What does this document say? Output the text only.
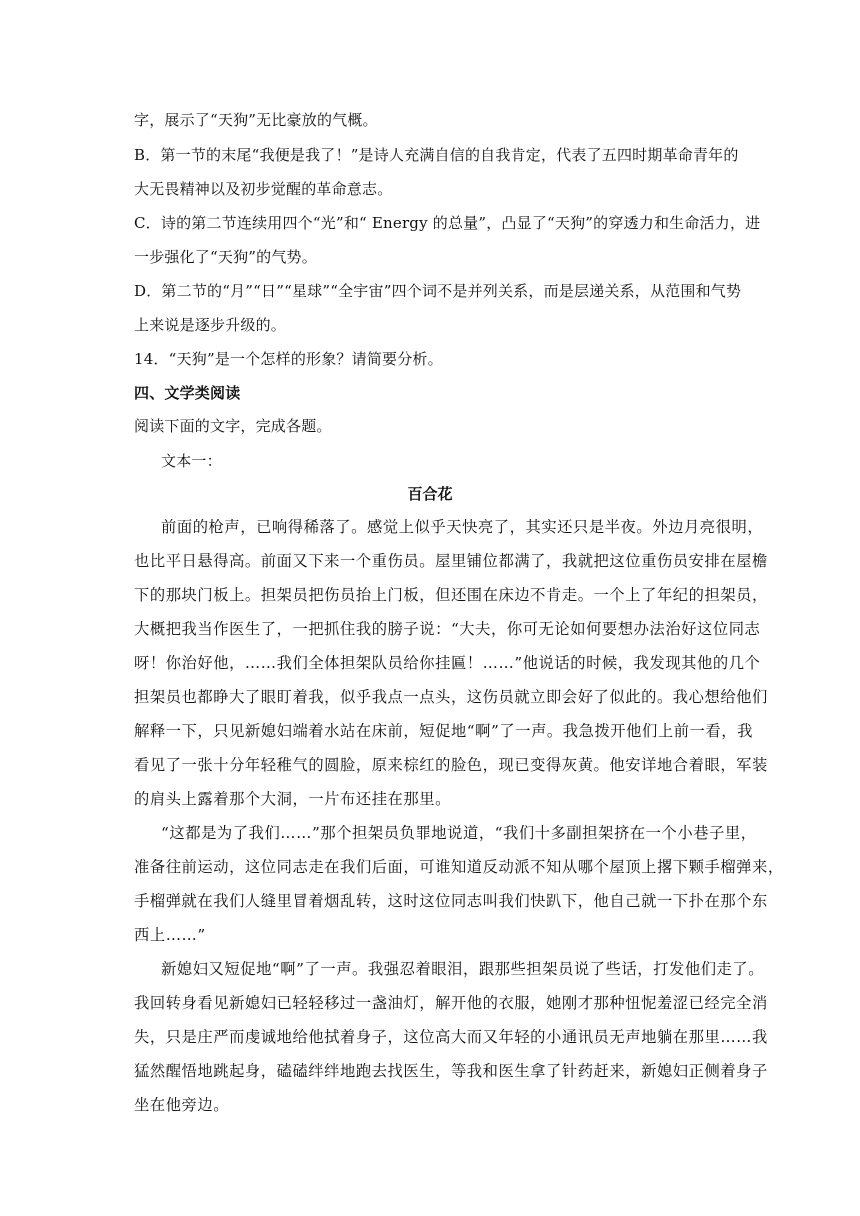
字，展示了“天狗”无比豪放的气概。
B．第一节的末尾“我便是我了！”是诗人充满自信的自我肯定，代表了五四时期革命青年的
大无畏精神以及初步觉醒的革命意志。
C．诗的第二节连续用四个“光”和“ Energy 的总量”，凸显了“天狗”的穿透力和生命活力，进
一步强化了“天狗”的气势。
D．第二节的“月”“日”“星球”“全宇宙”四个词不是并列关系，而是层递关系，从范围和气势
上来说是逐步升级的。
14．“天狗”是一个怎样的形象？请简要分析。
四、文学类阅读
阅读下面的文字，完成各题。
文本一：
百合花
前面的枪声，已响得稀落了。感觉上似乎天快亮了，其实还只是半夜。外边月亮很明，
也比平日悬得高。前面又下来一个重伤员。屋里铺位都满了，我就把这位重伤员安排在屋檐
下的那块门板上。担架员把伤员抬上门板，但还围在床边不肯走。一个上了年纪的担架员，
大概把我当作医生了，一把抓住我的膀子说：“大夫，你可无论如何要想办法治好这位同志
呀！你治好他，……我们全体担架队员给你挂匾！……”他说话的时候，我发现其他的几个
担架员也都睁大了眼盯着我，似乎我点一点头，这伤员就立即会好了似此的。我心想给他们
解释一下，只见新媳妇端着水站在床前，短促地“啊”了一声。我急拨开他们上前一看，我
看见了一张十分年轻稚气的圆脸，原来棕红的脸色，现已变得灰黄。他安详地合着眼，军装
的肩头上露着那个大洞，一片布还挂在那里。
“这都是为了我们……”那个担架员负罪地说道，“我们十多副担架挤在一个小巷子里，
准备往前运动，这位同志走在我们后面，可谁知道反动派不知从哪个屋顶上撂下颗手榴弹来，
手榴弹就在我们人缝里冒着烟乱转，这时这位同志叫我们快趴下，他自己就一下扑在那个东
西上……”
新媳妇又短促地“啊”了一声。我强忍着眼泪，跟那些担架员说了些话，打发他们走了。
我回转身看见新媳妇已轻轻移过一盏油灯，解开他的衣服，她刚才那种忸怩羞涩已经完全消
失，只是庄严而虔诚地给他拭着身子，这位高大而又年轻的小通讯员无声地躺在那里……我
猛然醒悟地跳起身，磕磕绊绊地跑去找医生，等我和医生拿了针药赶来，新媳妇正侧着身子
坐在他旁边。
